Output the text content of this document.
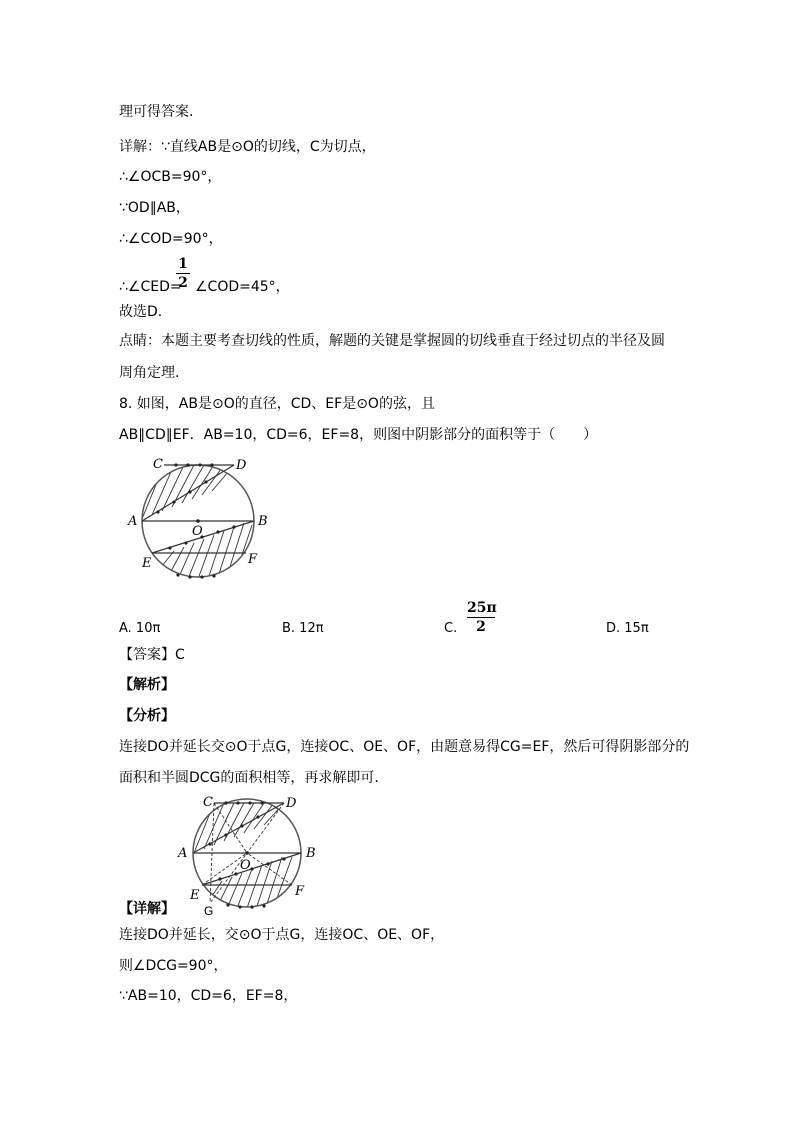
理可得答案.
详解：∵直线AB是⊙O的切线，C为切点，
∴∠OCB=90°，
∵OD∥AB，
∴∠COD=90°，
∴∠CED=
1
2 ∠COD=45°，
故选D.
点睛：本题主要考查切线的性质，解题的关键是掌握圆的切线垂直于经过切点的半径及圆
周角定理.
8. 如图，AB是⊙O的直径，CD、EF是⊙O的弦，且
AB∥CD∥EF．AB=10，CD=6，EF=8，则图中阴影部分的面积等于（　　）
C	D
A
O
B
E	F
A. 10π	B. 12π	C.
25π
2	D. 15π
【答案】C
【解析】
【分析】
连接DO并延长交⊙O于点G，连接OC、OE、OF，由题意易得CG=EF，然后可得阴影部分的
面积和半圆DCG的面积相等，再求解即可.
C	D
A
O
B
E	F
G
【详解】
连接DO并延长，交⊙O于点G，连接OC、OE、OF，
则∠DCG=90°，
∵AB=10，CD=6，EF=8，
